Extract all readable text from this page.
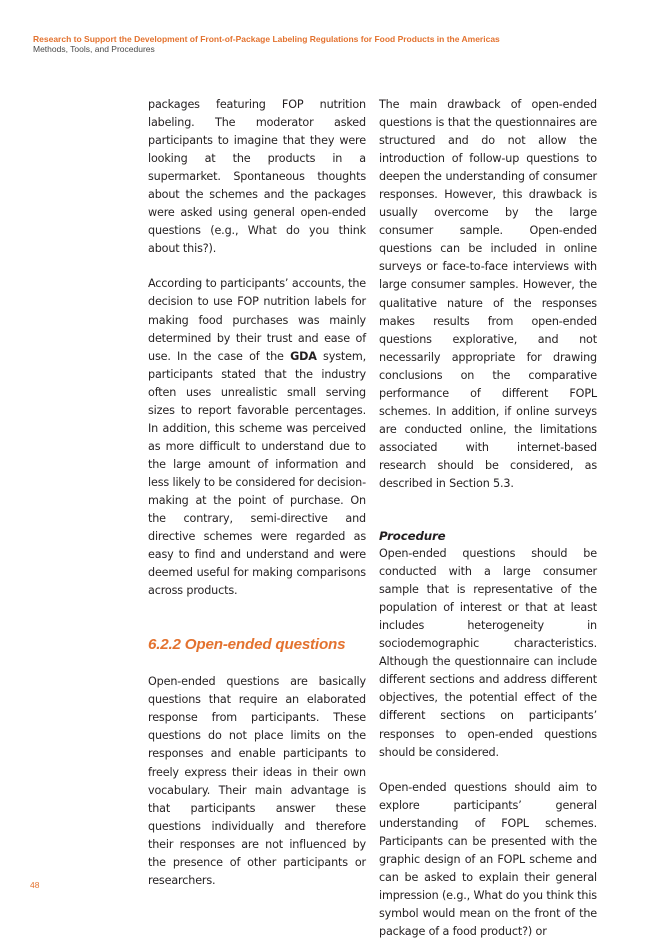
Research to Support the Development of Front-of-Package Labeling Regulations for Food Products in the Americas
Methods, Tools, and Procedures

packages featuring FOP nutrition labeling. The moderator asked participants to imagine that they were looking at the products in a supermarket. Spontaneous thoughts about the schemes and the packages were asked using general open-ended questions (e.g., What do you think about this?).

According to participants’ accounts, the decision to use FOP nutrition labels for making food purchases was mainly determined by their trust and ease of use. In the case of the GDA system, participants stated that the industry often uses unrealistic small serving sizes to report favorable percentages. In addition, this scheme was perceived as more difficult to understand due to the large amount of information and less likely to be considered for decision-making at the point of purchase. On the contrary, semi-directive and directive schemes were regarded as easy to find and understand and were deemed useful for making comparisons across products.

6.2.2 Open-ended questions

Open-ended questions are basically questions that require an elaborated response from participants. These questions do not place limits on the responses and enable participants to freely express their ideas in their own vocabulary. Their main advantage is that participants answer these questions individually and therefore their responses are not influenced by the presence of other participants or researchers.

The main drawback of open-ended questions is that the questionnaires are structured and do not allow the introduction of follow-up questions to deepen the understanding of consumer responses. However, this drawback is usually overcome by the large consumer sample. Open-ended questions can be included in online surveys or face-to-face interviews with large consumer samples. However, the qualitative nature of the responses makes results from open-ended questions explorative, and not necessarily appropriate for drawing conclusions on the comparative performance of different FOPL schemes. In addition, if online surveys are conducted online, the limitations associated with internet-based research should be considered, as described in Section 5.3.

Procedure

Open-ended questions should be conducted with a large consumer sample that is representative of the population of interest or that at least includes heterogeneity in sociodemographic characteristics. Although the questionnaire can include different sections and address different objectives, the potential effect of the different sections on participants’ responses to open-ended questions should be considered.

Open-ended questions should aim to explore participants’ general understanding of FOPL schemes. Participants can be presented with the graphic design of an FOPL scheme and can be asked to explain their general impression (e.g., What do you think this symbol would mean on the front of the package of a food product?) or

48
